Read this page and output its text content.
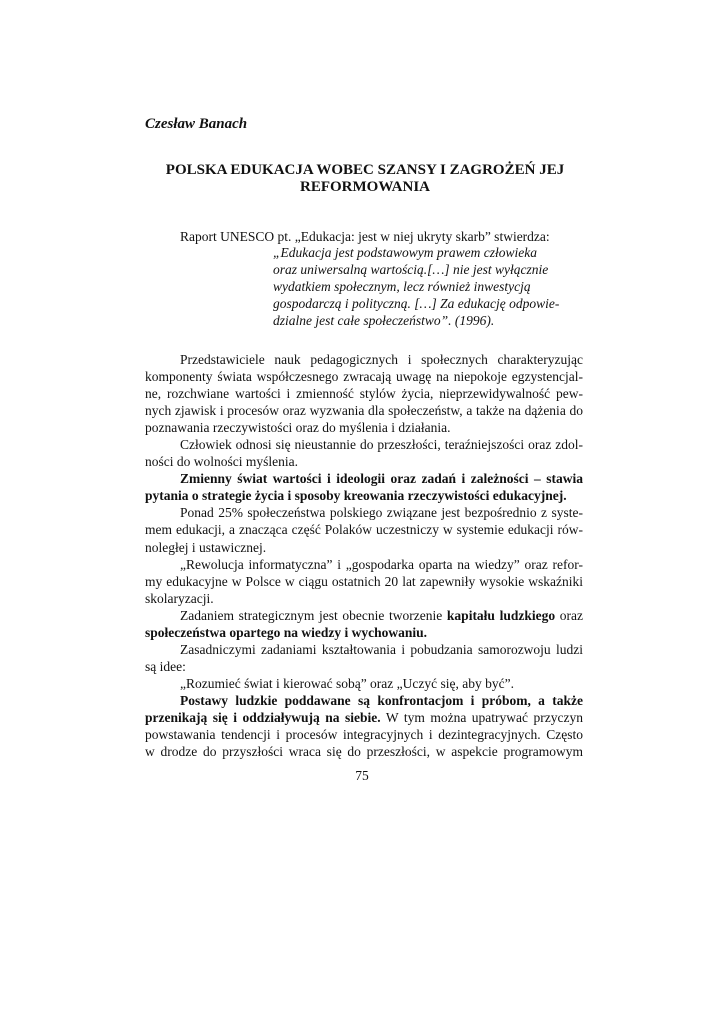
Czesław Banach
POLSKA EDUKACJA WOBEC SZANSY I ZAGROŻEŃ JEJ
REFORMOWANIA
Raport UNESCO pt. „Edukacja: jest w niej ukryty skarb” stwierdza:
„Edukacja jest podstawowym prawem człowieka
oraz uniwersalną wartością.[…] nie jest wyłącznie
wydatkiem społecznym, lecz również inwestycją
gospodarczą i polityczną. […] Za edukację odpowie-
dzialne jest całe społeczeństwo”. (1996).
Przedstawiciele nauk pedagogicznych i społecznych charakteryzując
komponenty świata współczesnego zwracają uwagę na niepokoje egzystencjal-
ne, rozchwiane wartości i zmienność stylów życia, nieprzewidywalność pew-
nych zjawisk i procesów oraz wyzwania dla społeczeństw, a także na dążenia do
poznawania rzeczywistości oraz do myślenia i działania.
Człowiek odnosi się nieustannie do przeszłości, teraźniejszości oraz zdol-
ności do wolności myślenia.
Zmienny świat wartości i ideologii oraz zadań i zależności – stawia
pytania o strategie życia i sposoby kreowania rzeczywistości edukacyjnej.
Ponad 25% społeczeństwa polskiego związane jest bezpośrednio z syste-
mem edukacji, a znacząca część Polaków uczestniczy w systemie edukacji rów-
noległej i ustawicznej.
„Rewolucja informatyczna” i „gospodarka oparta na wiedzy” oraz refor-
my edukacyjne w Polsce w ciągu ostatnich 20 lat zapewniły wysokie wskaźniki
skolaryzacji.
Zadaniem strategicznym jest obecnie tworzenie kapitału ludzkiego oraz
społeczeństwa opartego na wiedzy i wychowaniu.
Zasadniczymi zadaniami kształtowania i pobudzania samorozwoju ludzi
są idee:
„Rozumieć świat i kierować sobą” oraz „Uczyć się, aby być”.
Postawy ludzkie poddawane są konfrontacjom i próbom, a także
przenikają się i oddziaływują na siebie. W tym można upatrywać przyczyn
powstawania tendencji i procesów integracyjnych i dezintegracyjnych. Często
w drodze do przyszłości wraca się do przeszłości, w aspekcie programowym
75
